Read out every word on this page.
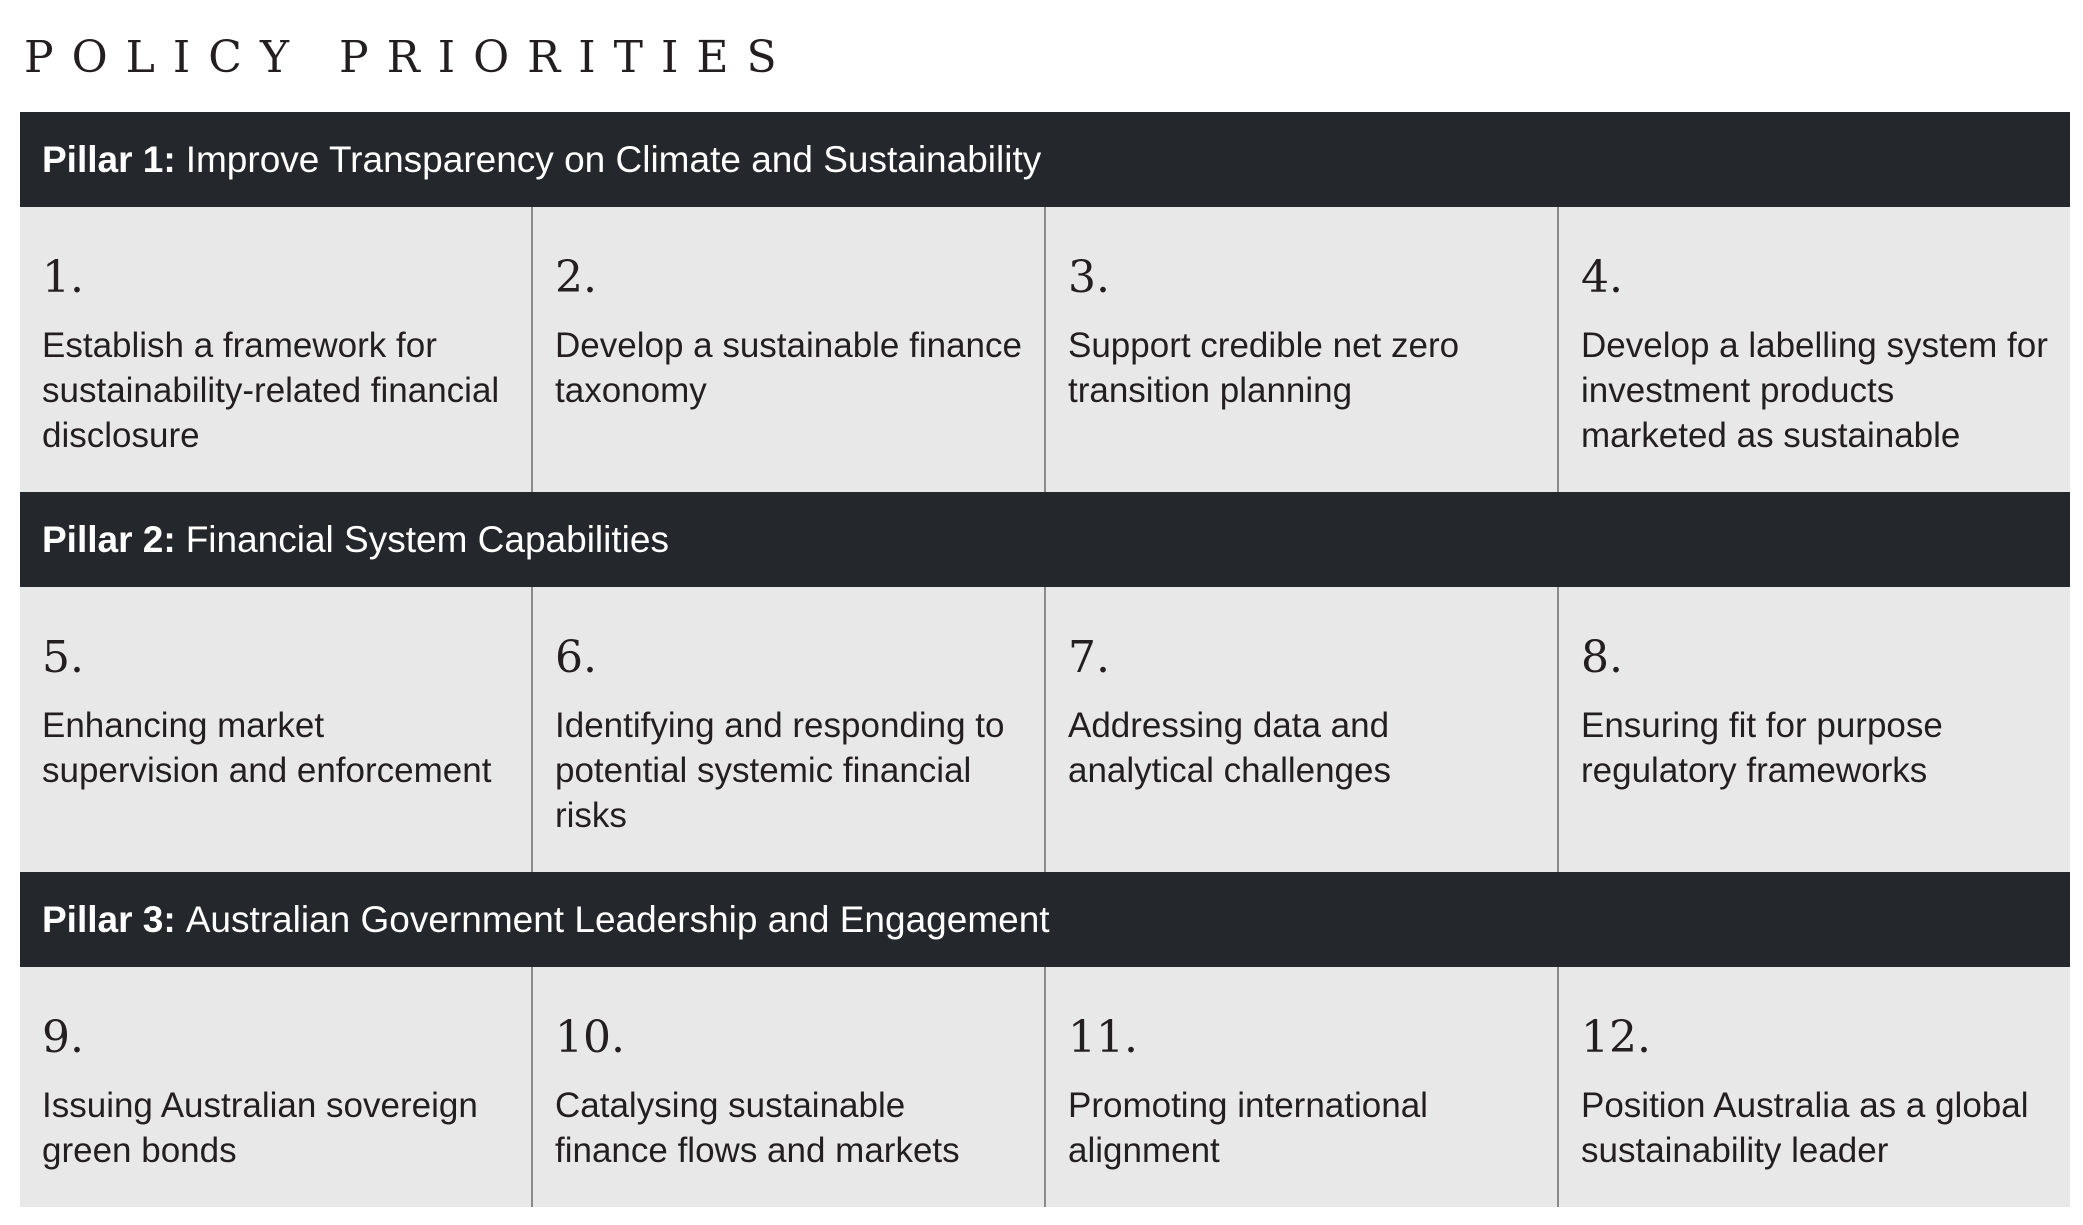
POLICY PRIORITIES
Pillar 1: Improve Transparency on Climate and Sustainability

1.

Establish a framework for sustainability-related financial disclosure

2.

Develop a sustainable finance taxonomy

3.

Support credible net zero transition planning

4.

Develop a labelling system for investment products marketed as sustainable

Pillar 2: Financial System Capabilities

5.

Enhancing market supervision and enforcement

6.

Identifying and responding to potential systemic financial risks

7.

Addressing data and analytical challenges

8.

Ensuring fit for purpose regulatory frameworks

Pillar 3: Australian Government Leadership and Engagement

9.

Issuing Australian sovereign green bonds

10.

Catalysing sustainable finance flows and markets

11.

Promoting international alignment

12.

Position Australia as a global sustainability leader
